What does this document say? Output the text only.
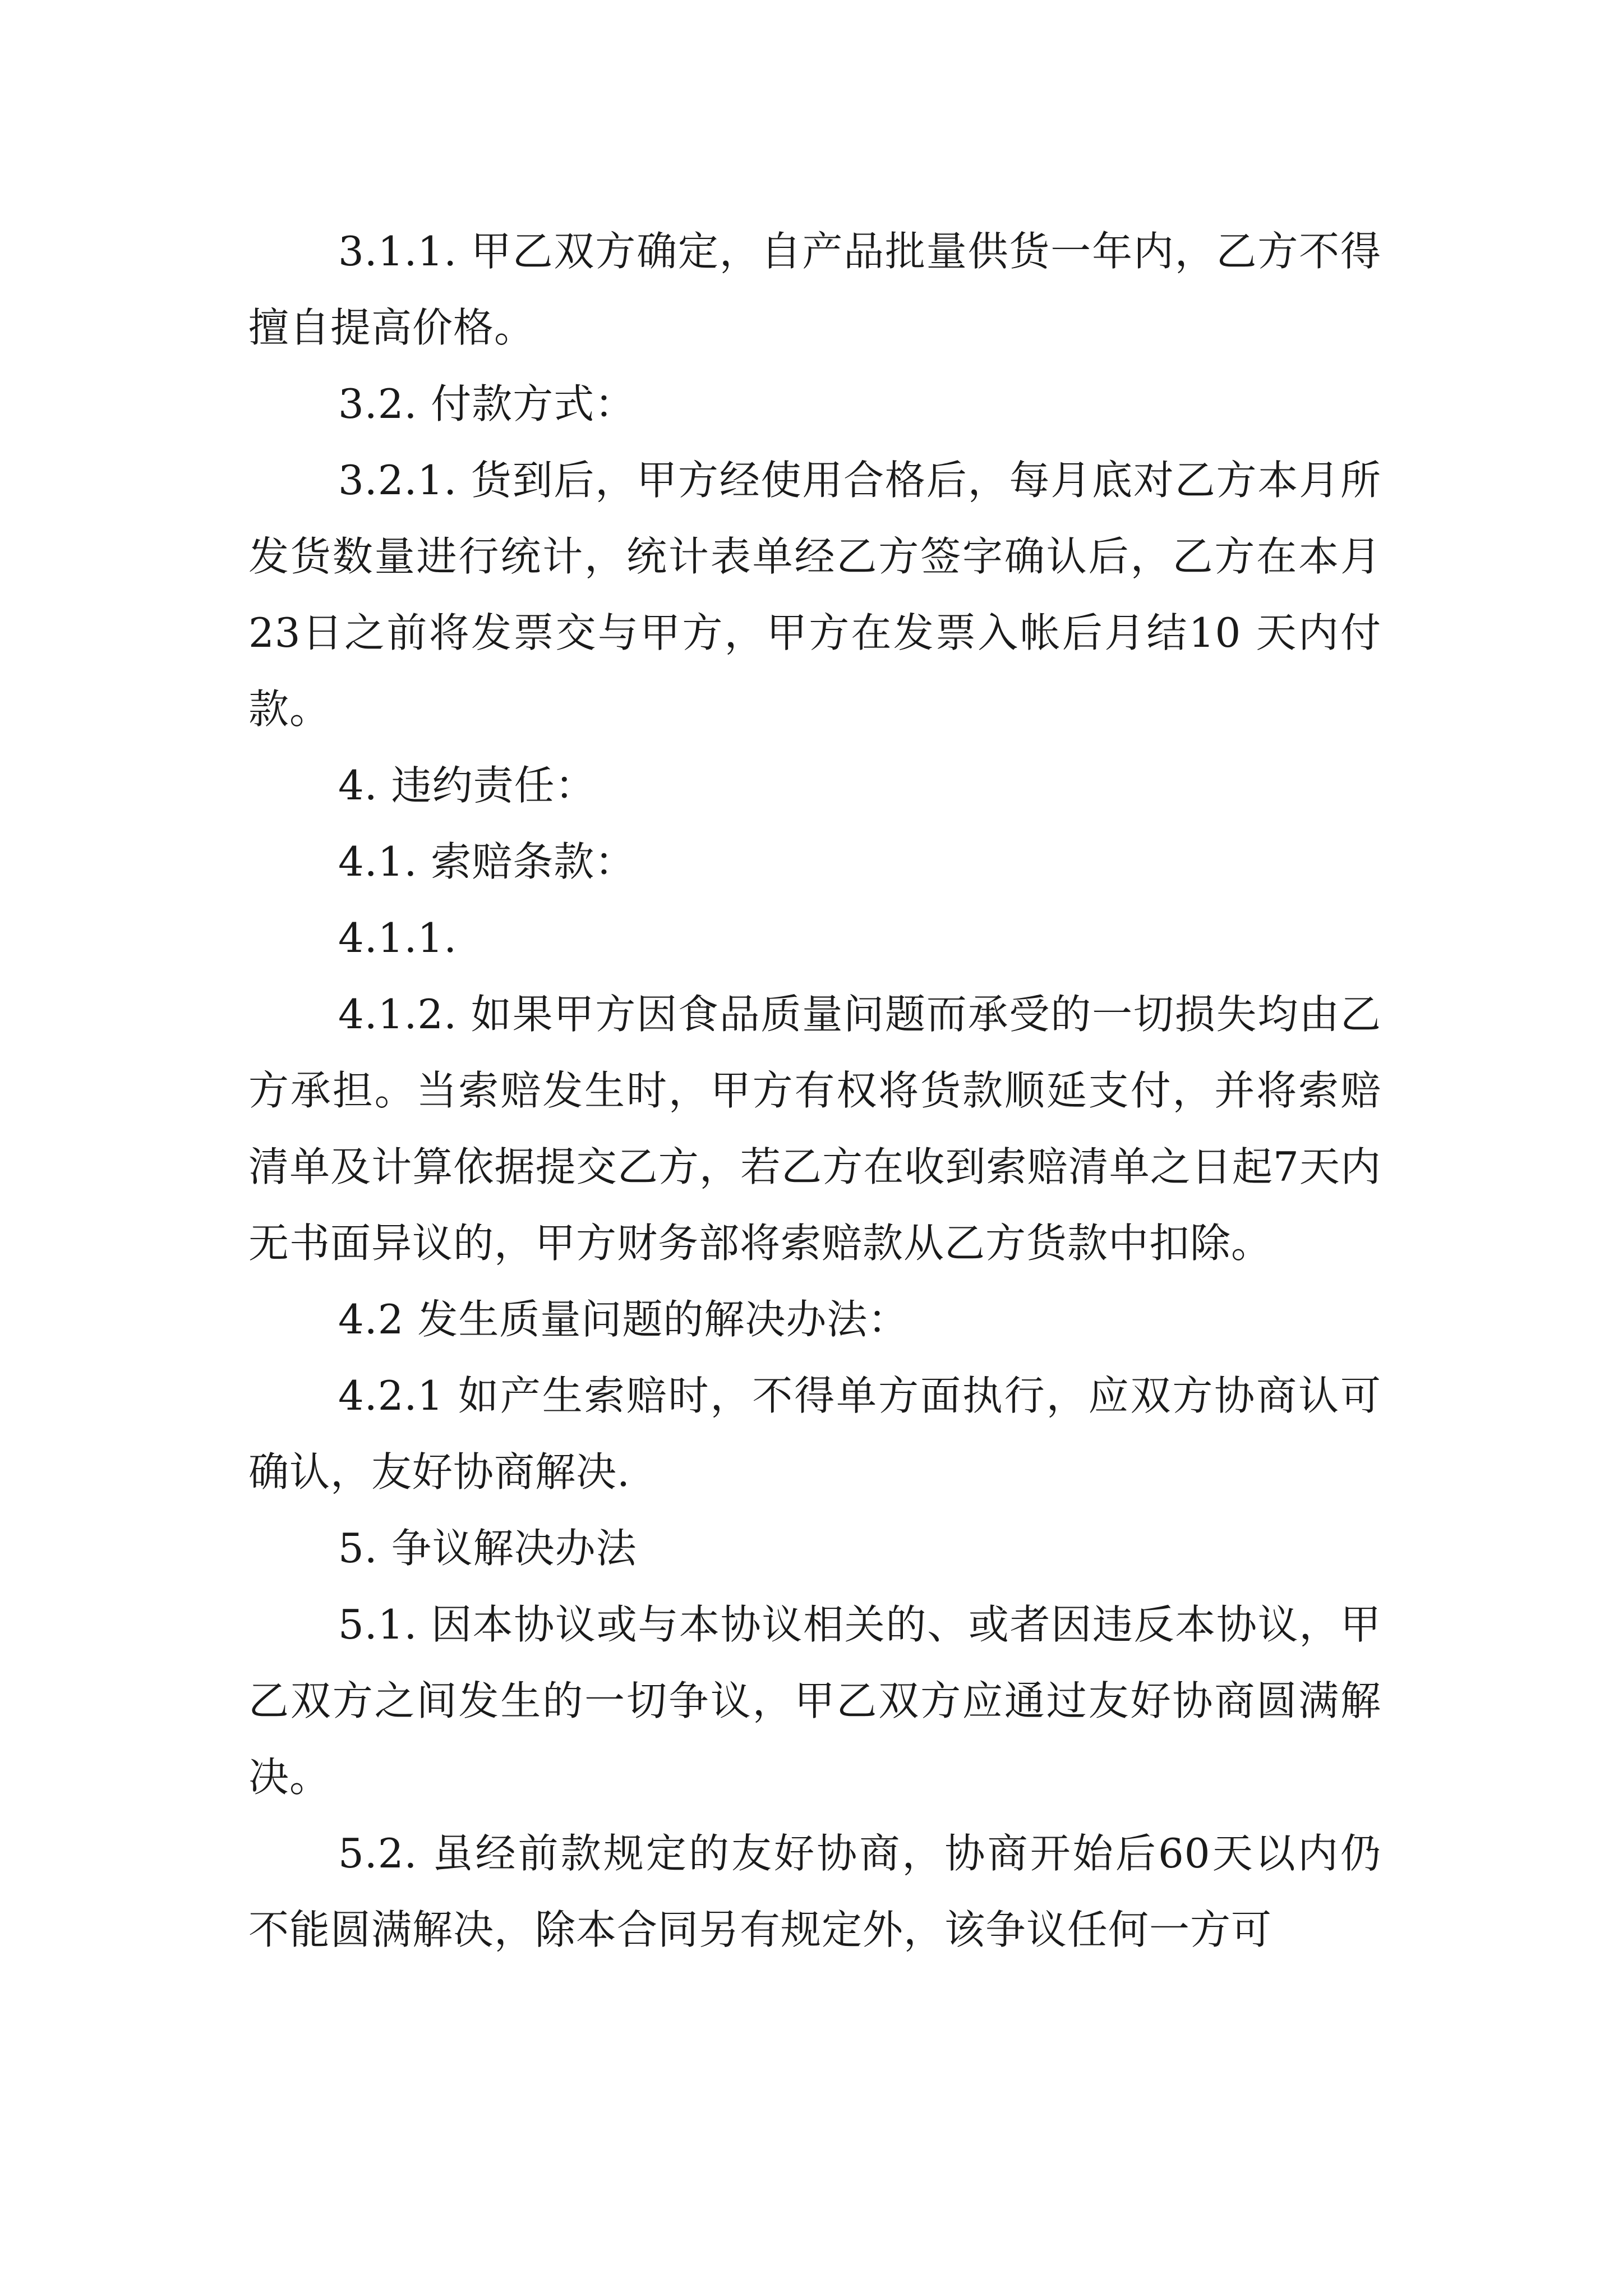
3.1.1. 甲乙双方确定，自产品批量供货一年内，乙方不得擅自提高价格。

3.2. 付款方式：

3.2.1. 货到后，甲方经使用合格后，每月底对乙方本月所发货数量进行统计，统计表单经乙方签字确认后，乙方在本月23日之前将发票交与甲方，甲方在发票入帐后月结10 天内付款。

4. 违约责任：

4.1. 索赔条款：

4.1.1.

4.1.2. 如果甲方因食品质量问题而承受的一切损失均由乙方承担。当索赔发生时，甲方有权将货款顺延支付，并将索赔清单及计算依据提交乙方，若乙方在收到索赔清单之日起7天内无书面异议的，甲方财务部将索赔款从乙方货款中扣除。

4.2 发生质量问题的解决办法：

4.2.1 如产生索赔时，不得单方面执行，应双方协商认可确认，友好协商解决.

5. 争议解决办法

5.1. 因本协议或与本协议相关的、或者因违反本协议，甲乙双方之间发生的一切争议，甲乙双方应通过友好协商圆满解决。

5.2. 虽经前款规定的友好协商，协商开始后60天以内仍不能圆满解决，除本合同另有规定外，该争议任何一方可
